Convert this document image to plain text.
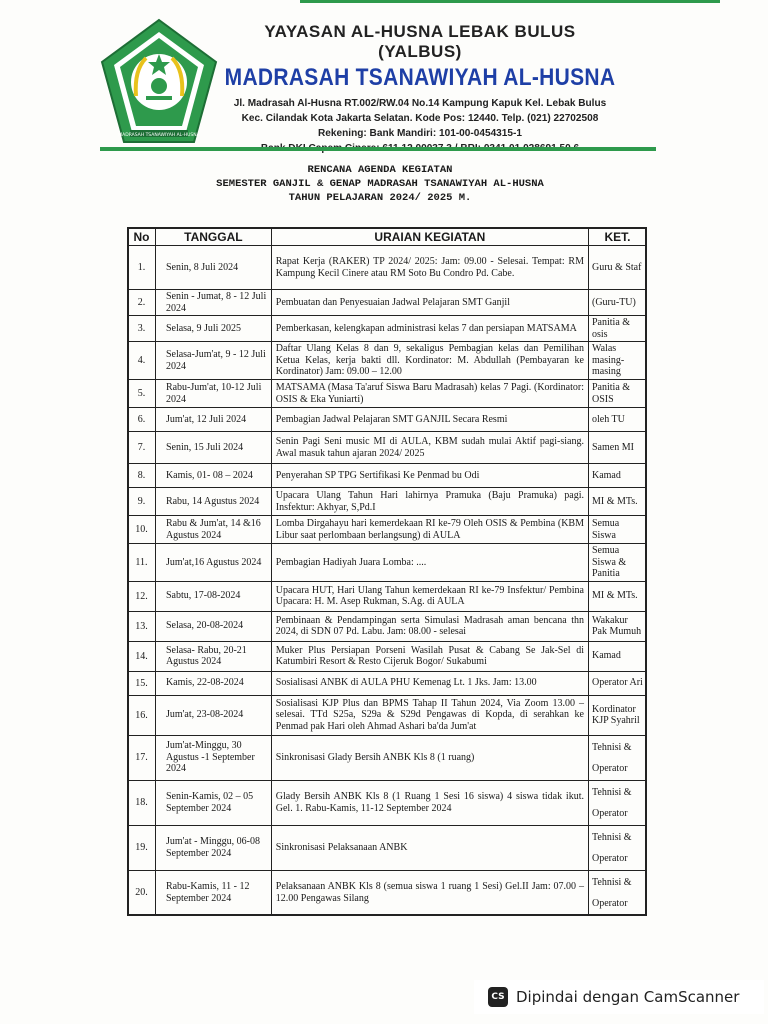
MADRASAH TSANAWIYAH AL-HUSNA
YAYASAN AL-HUSNA LEBAK BULUS (YALBUS)
MADRASAH TSANAWIYAH AL-HUSNA
Jl. Madrasah Al-Husna RT.002/RW.04 No.14 Kampung Kapuk Kel. Lebak Bulus
Kec. Cilandak Kota Jakarta Selatan. Kode Pos: 12440. Telp. (021) 22702508
Rekening: Bank Mandiri: 101-00-0454315-1
RENCANA AGENDA KEGIATAN
SEMESTER GANJIL & GENAP MADRASAH TSANAWIYAH AL-HUSNA
TAHUN PELAJARAN 2024/ 2025 M.
No	TANGGAL	URAIAN KEGIATAN	KET.
1.	Senin, 8 Juli 2024	Rapat Kerja (RAKER) TP 2024/ 2025: Jam: 09.00 - Selesai. Tempat: RM Kampung Kecil Cinere atau RM Soto Bu Condro Pd. Cabe.	Guru & Staf
2.	Senin - Jumat, 8 - 12 Juli 2024	Pembuatan dan Penyesuaian Jadwal Pelajaran SMT Ganjil	(Guru-TU)
3.	Selasa, 9 Juli 2025	Pemberkasan, kelengkapan administrasi kelas 7 dan persiapan MATSAMA	Panitia & osis
4.	Selasa-Jum'at, 9 - 12 Juli 2024	Daftar Ulang Kelas 8 dan 9, sekaligus Pembagian kelas dan Pemilihan Ketua Kelas, kerja bakti dll. Kordinator: M. Abdullah (Pembayaran ke Kordinator) Jam: 09.00 – 12.00	Walas masing-masing
5.	Rabu-Jum'at, 10-12 Juli 2024	MATSAMA (Masa Ta'aruf Siswa Baru Madrasah) kelas 7 Pagi. (Kordinator: OSIS & Eka Yuniarti)	Panitia & OSIS
6.	Jum'at, 12 Juli 2024	Pembagian Jadwal Pelajaran SMT GANJIL Secara Resmi	oleh TU
7.	Senin, 15 Juli 2024	Senin Pagi Seni music MI di AULA, KBM sudah mulai Aktif pagi-siang. Awal masuk tahun ajaran 2024/ 2025	Samen MI
8.	Kamis, 01- 08 – 2024	Penyerahan SP TPG Sertifikasi Ke Penmad bu Odi	Kamad
9.	Rabu, 14 Agustus 2024	Upacara Ulang Tahun Hari lahirnya Pramuka (Baju Pramuka) pagi. Insfektur: Akhyar, S,Pd.I	MI & MTs.
10.	Rabu & Jum'at, 14 &16 Agustus 2024	Lomba Dirgahayu hari kemerdekaan RI ke-79 Oleh OSIS & Pembina (KBM Libur saat perlombaan berlangsung) di AULA	Semua Siswa
11.	Jum'at,16 Agustus 2024	Pembagian Hadiyah Juara Lomba: ....	Semua Siswa & Panitia
12.	Sabtu, 17-08-2024	Upacara HUT, Hari Ulang Tahun kemerdekaan RI ke-79 Insfektur/ Pembina Upacara: H. M. Asep Rukman, S.Ag. di AULA	MI & MTs.
13.	Selasa, 20-08-2024	Pembinaan & Pendampingan serta Simulasi Madrasah aman bencana thn 2024, di SDN 07 Pd. Labu. Jam: 08.00 - selesai	Wakakur Pak Mumuh
14.	Selasa- Rabu, 20-21 Agustus 2024	Muker Plus Persiapan Porseni Wasilah Pusat & Cabang Se Jak-Sel di Katumbiri Resort & Resto Cijeruk Bogor/ Sukabumi	Kamad
15.	Kamis, 22-08-2024	Sosialisasi ANBK di AULA PHU Kemenag Lt. 1 Jks. Jam: 13.00	Operator Ari
16.	Jum'at, 23-08-2024	Sosialisasi KJP Plus dan BPMS Tahap II Tahun 2024, Via Zoom 13.00 – selesai. TTd S25a, S29a & S29d Pengawas di Kopda, di serahkan ke Penmad pak Hari oleh Ahmad Ashari ba'da Jum'at	Kordinator KJP Syahril
17.	Jum'at-Minggu, 30 Agustus -1 September 2024	Sinkronisasi Glady Bersih ANBK Kls 8 (1 ruang)	Tehnisi & Operator
18.	Senin-Kamis, 02 – 05 September 2024	Glady Bersih ANBK Kls 8 (1 Ruang 1 Sesi 16 siswa) 4 siswa tidak ikut. Gel. 1. Rabu-Kamis, 11-12 September 2024	Tehnisi & Operator
19.	Jum'at - Minggu, 06-08 September 2024	Sinkronisasi Pelaksanaan ANBK	Tehnisi & Operator
20.	Rabu-Kamis, 11 - 12 September 2024	Pelaksanaan ANBK Kls 8 (semua siswa 1 ruang 1 Sesi) Gel.II Jam: 07.00 – 12.00 Pengawas Silang	Tehnisi & Operator
CS Dipindai dengan CamScanner
